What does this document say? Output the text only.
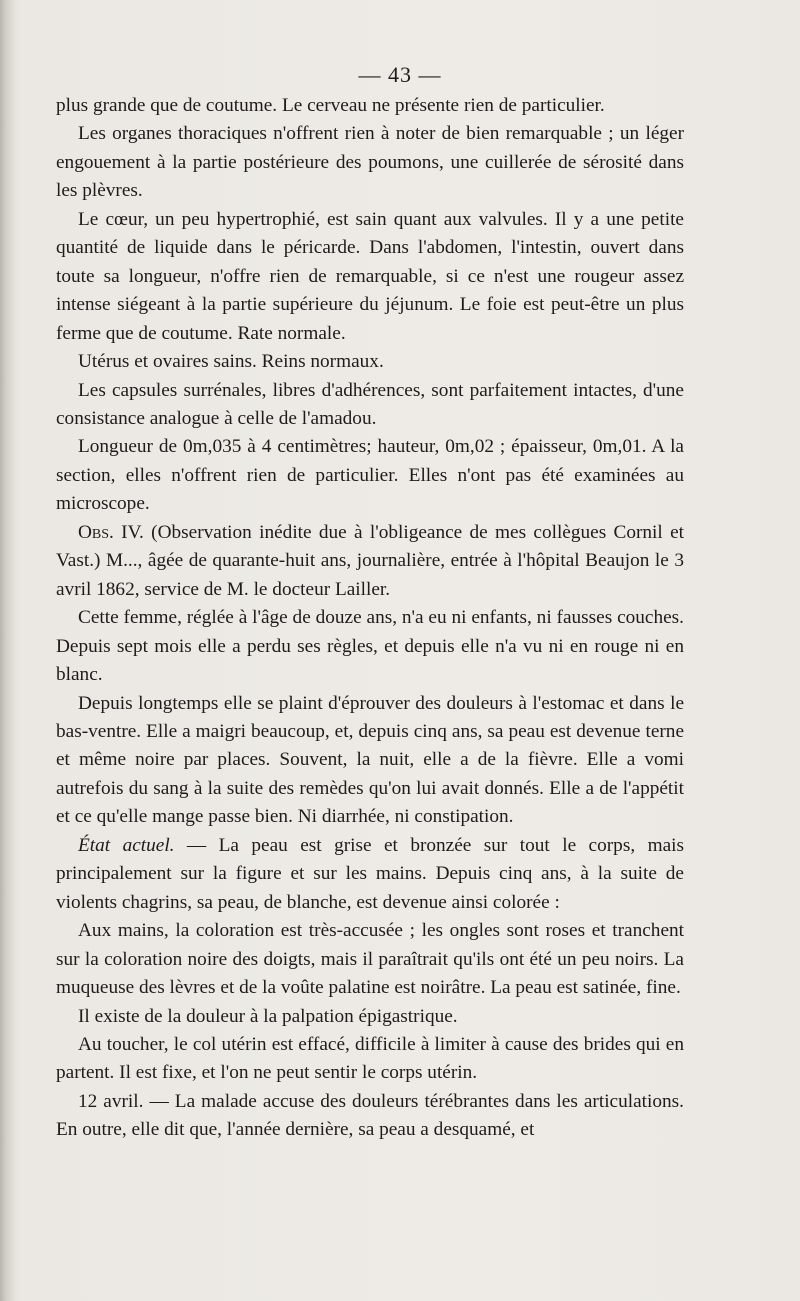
— 43 —

plus grande que de coutume. Le cerveau ne présente rien de particulier.

Les organes thoraciques n'offrent rien à noter de bien remarquable ; un léger engouement à la partie postérieure des poumons, une cuillerée de sérosité dans les plèvres.

Le cœur, un peu hypertrophié, est sain quant aux valvules. Il y a une petite quantité de liquide dans le péricarde. Dans l'abdomen, l'intestin, ouvert dans toute sa longueur, n'offre rien de remarquable, si ce n'est une rougeur assez intense siégeant à la partie supérieure du jéjunum. Le foie est peut-être un plus ferme que de coutume. Rate normale.

Utérus et ovaires sains. Reins normaux.

Les capsules surrénales, libres d'adhérences, sont parfaitement intactes, d'une consistance analogue à celle de l'amadou.

Longueur de 0m,035 à 4 centimètres; hauteur, 0m,02 ; épaisseur, 0m,01. A la section, elles n'offrent rien de particulier. Elles n'ont pas été examinées au microscope.

Obs. IV. (Observation inédite due à l'obligeance de mes collègues Cornil et Vast.) M..., âgée de quarante-huit ans, journalière, entrée à l'hôpital Beaujon le 3 avril 1862, service de M. le docteur Lailler.

Cette femme, réglée à l'âge de douze ans, n'a eu ni enfants, ni fausses couches. Depuis sept mois elle a perdu ses règles, et depuis elle n'a vu ni en rouge ni en blanc.

Depuis longtemps elle se plaint d'éprouver des douleurs à l'estomac et dans le bas-ventre. Elle a maigri beaucoup, et, depuis cinq ans, sa peau est devenue terne et même noire par places. Souvent, la nuit, elle a de la fièvre. Elle a vomi autrefois du sang à la suite des remèdes qu'on lui avait donnés. Elle a de l'appétit et ce qu'elle mange passe bien. Ni diarrhée, ni constipation.

État actuel. — La peau est grise et bronzée sur tout le corps, mais principalement sur la figure et sur les mains. Depuis cinq ans, à la suite de violents chagrins, sa peau, de blanche, est devenue ainsi colorée :

Aux mains, la coloration est très-accusée ; les ongles sont roses et tranchent sur la coloration noire des doigts, mais il paraîtrait qu'ils ont été un peu noirs. La muqueuse des lèvres et de la voûte palatine est noirâtre. La peau est satinée, fine.

Il existe de la douleur à la palpation épigastrique.

Au toucher, le col utérin est effacé, difficile à limiter à cause des brides qui en partent. Il est fixe, et l'on ne peut sentir le corps utérin.

12 avril. — La malade accuse des douleurs térébrantes dans les articulations. En outre, elle dit que, l'année dernière, sa peau a desquamé, et
